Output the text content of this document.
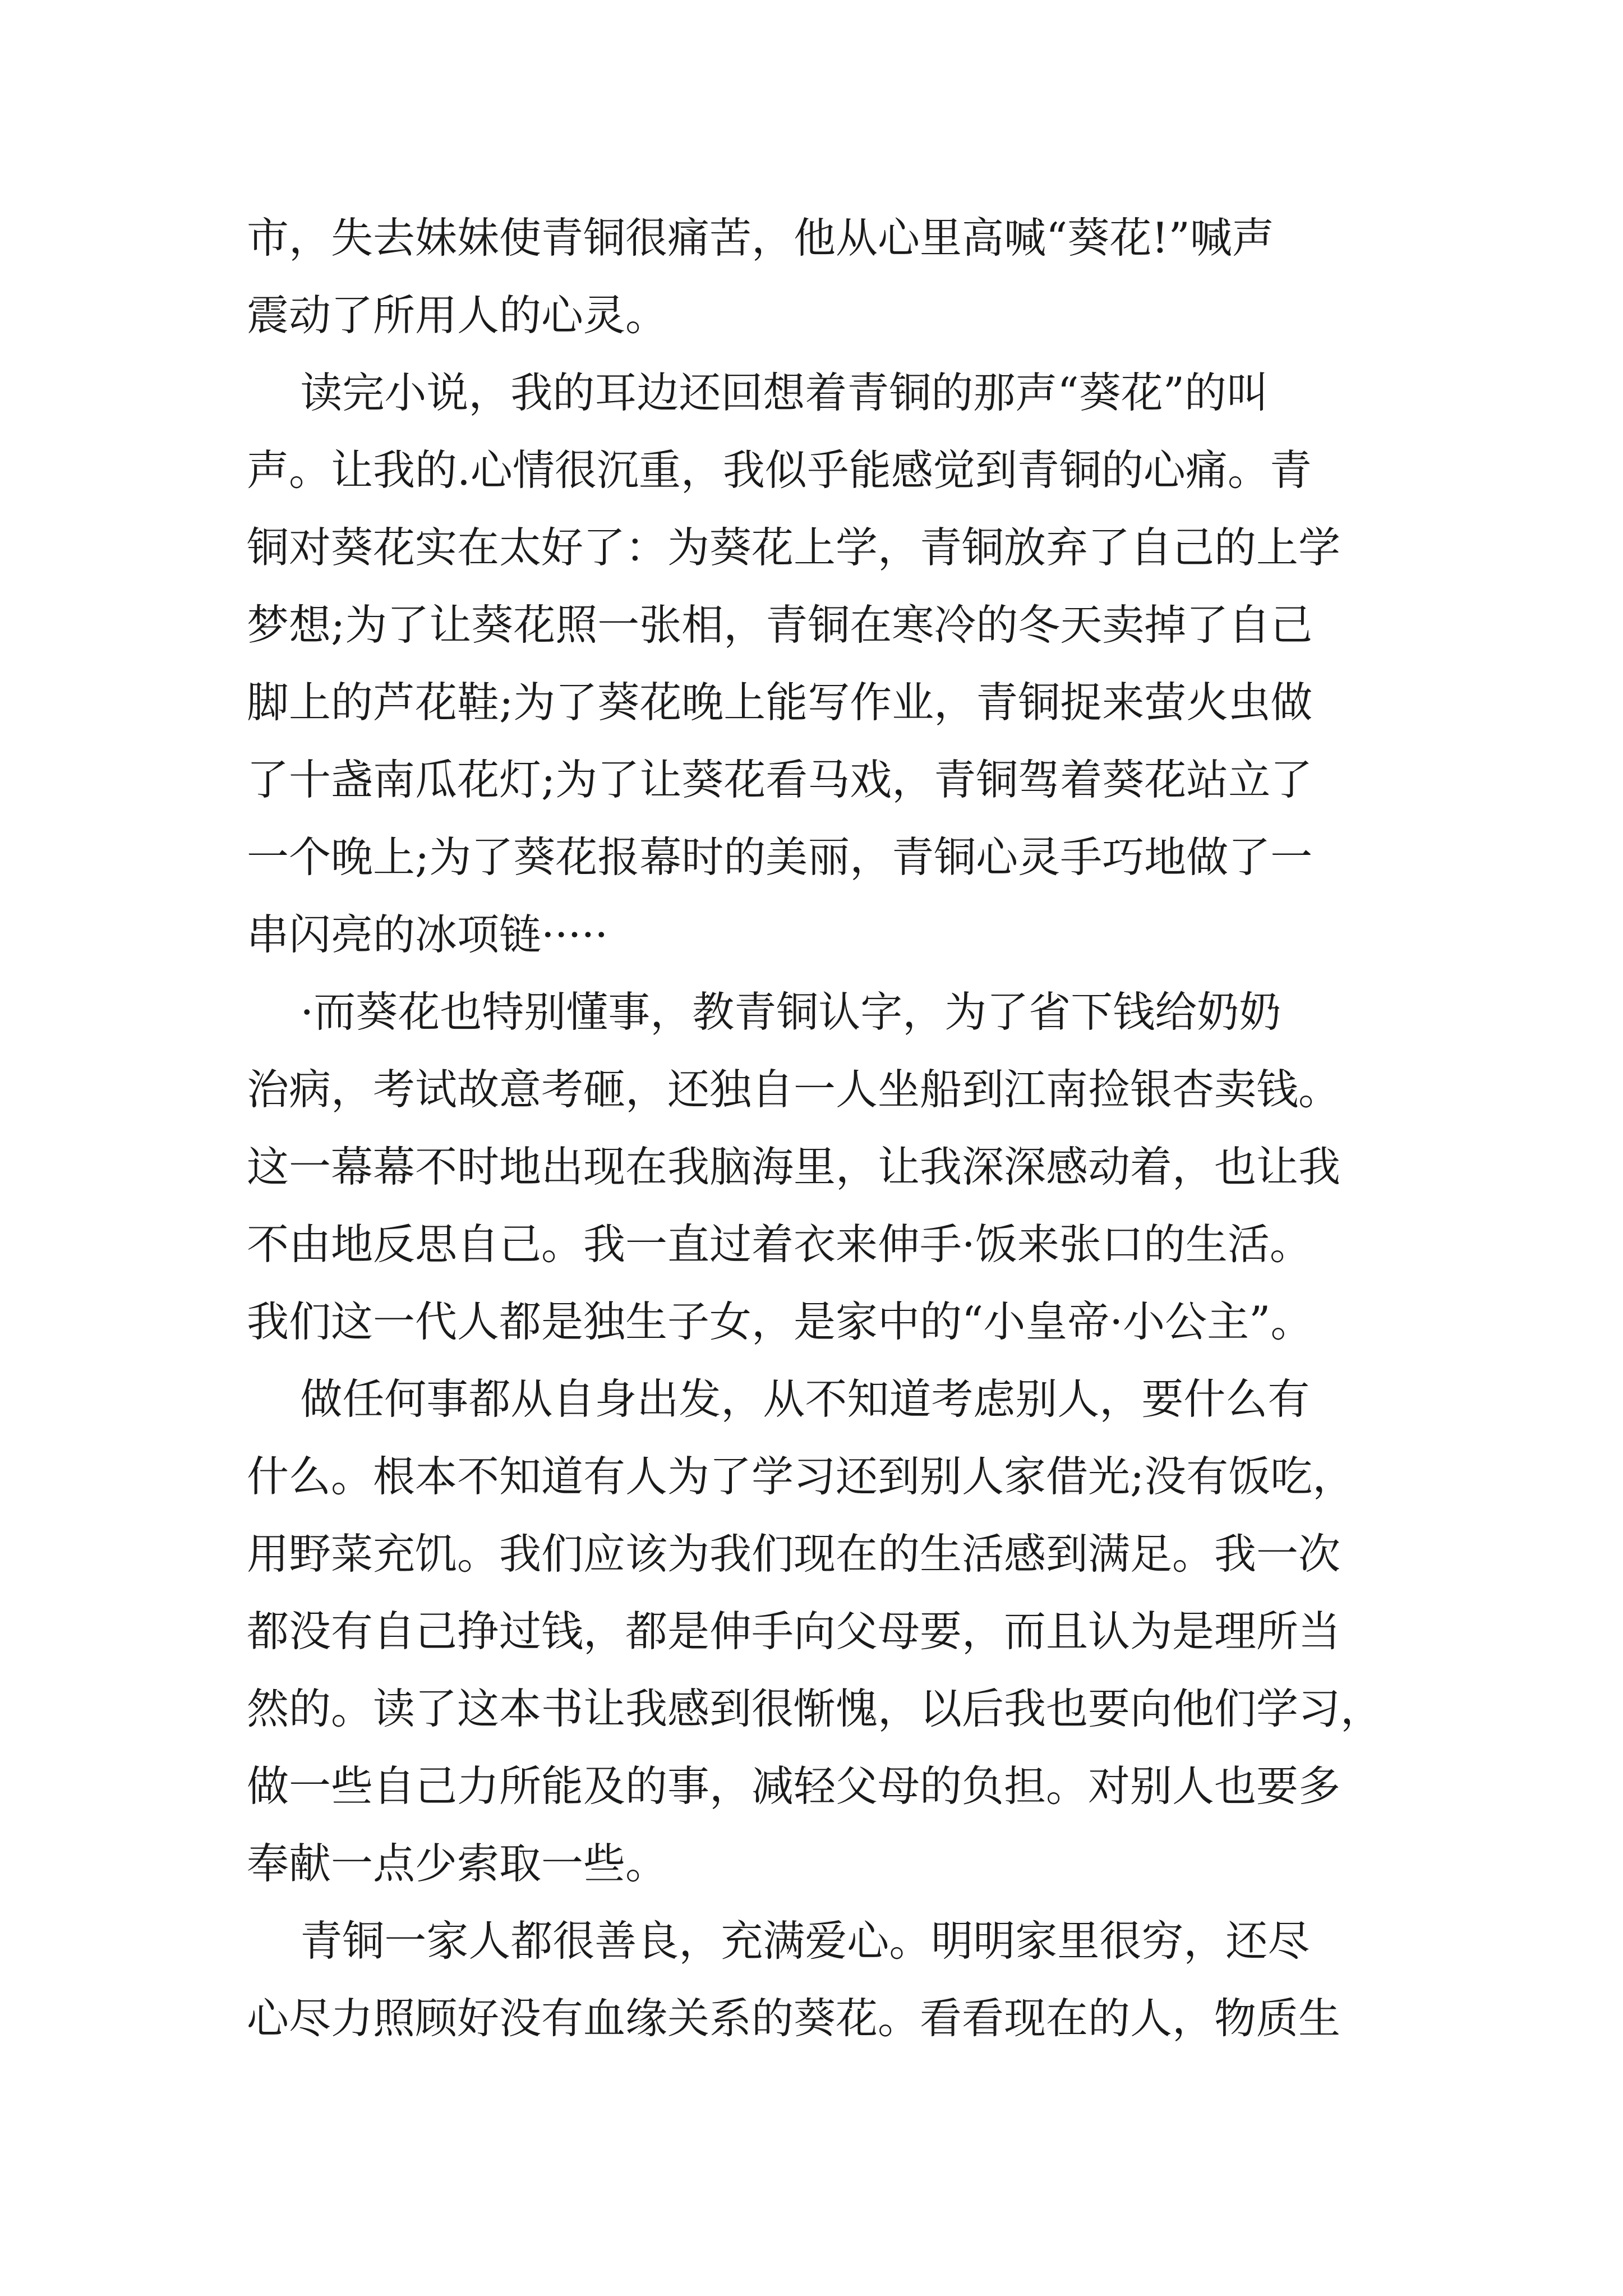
市，失去妹妹使青铜很痛苦，他从心里高喊“葵花!”喊声
震动了所用人的心灵。
读完小说，我的耳边还回想着青铜的那声“葵花”的叫
声。让我的.心情很沉重，我似乎能感觉到青铜的心痛。青
铜对葵花实在太好了：为葵花上学，青铜放弃了自己的上学
梦想;为了让葵花照一张相，青铜在寒冷的冬天卖掉了自己
脚上的芦花鞋;为了葵花晚上能写作业，青铜捉来萤火虫做
了十盏南瓜花灯;为了让葵花看马戏，青铜驾着葵花站立了
一个晚上;为了葵花报幕时的美丽，青铜心灵手巧地做了一
串闪亮的冰项链·····
·而葵花也特别懂事，教青铜认字，为了省下钱给奶奶
治病，考试故意考砸，还独自一人坐船到江南捡银杏卖钱。
这一幕幕不时地出现在我脑海里，让我深深感动着，也让我
不由地反思自己。我一直过着衣来伸手·饭来张口的生活。
我们这一代人都是独生子女，是家中的“小皇帝·小公主”。
做任何事都从自身出发，从不知道考虑别人，要什么有
什么。根本不知道有人为了学习还到别人家借光;没有饭吃，
用野菜充饥。我们应该为我们现在的生活感到满足。我一次
都没有自己挣过钱，都是伸手向父母要，而且认为是理所当
然的。读了这本书让我感到很惭愧，以后我也要向他们学习，
做一些自己力所能及的事，减轻父母的负担。对别人也要多
奉献一点少索取一些。
青铜一家人都很善良，充满爱心。明明家里很穷，还尽
心尽力照顾好没有血缘关系的葵花。看看现在的人，物质生
